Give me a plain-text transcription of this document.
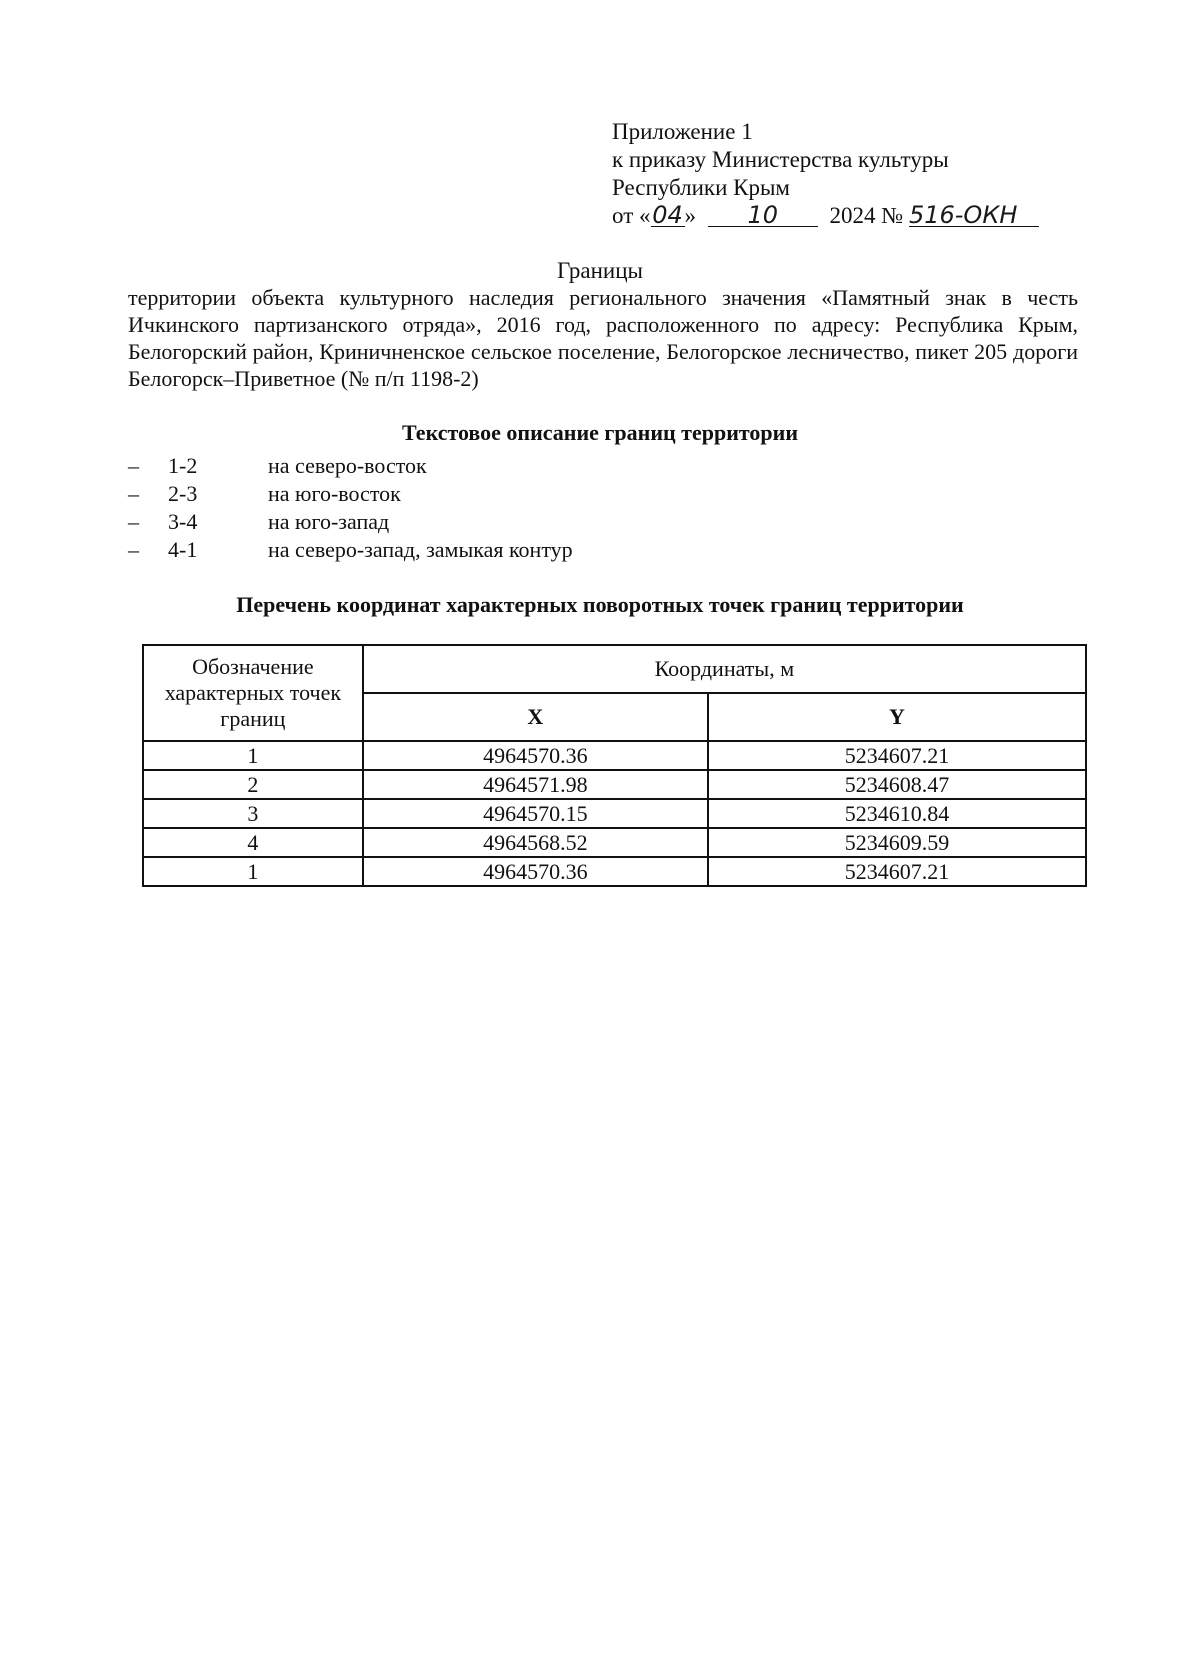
Приложение 1
к приказу Министерства культуры
Республики Крым
от «04» 10 2024 № 516-ОКН
Границы
территории объекта культурного наследия регионального значения «Памятный знак в честь Ичкинского партизанского отряда», 2016 год, расположенного по адресу: Республика Крым, Белогорский район, Криничненское сельское поселение, Белогорское лесничество, пикет 205 дороги Белогорск–Приветное (№ п/п 1198-2)
Текстовое описание границ территории
–	1-2	на северо-восток
–	2-3	на юго-восток
–	3-4	на юго-запад
–	4-1	на северо-запад, замыкая контур
Перечень координат характерных поворотных точек границ территории
Обозначение характерных точек границ	Координаты, м	
	X	Y
1	4964570.36	5234607.21
2	4964571.98	5234608.47
3	4964570.15	5234610.84
4	4964568.52	5234609.59
1	4964570.36	5234607.21
